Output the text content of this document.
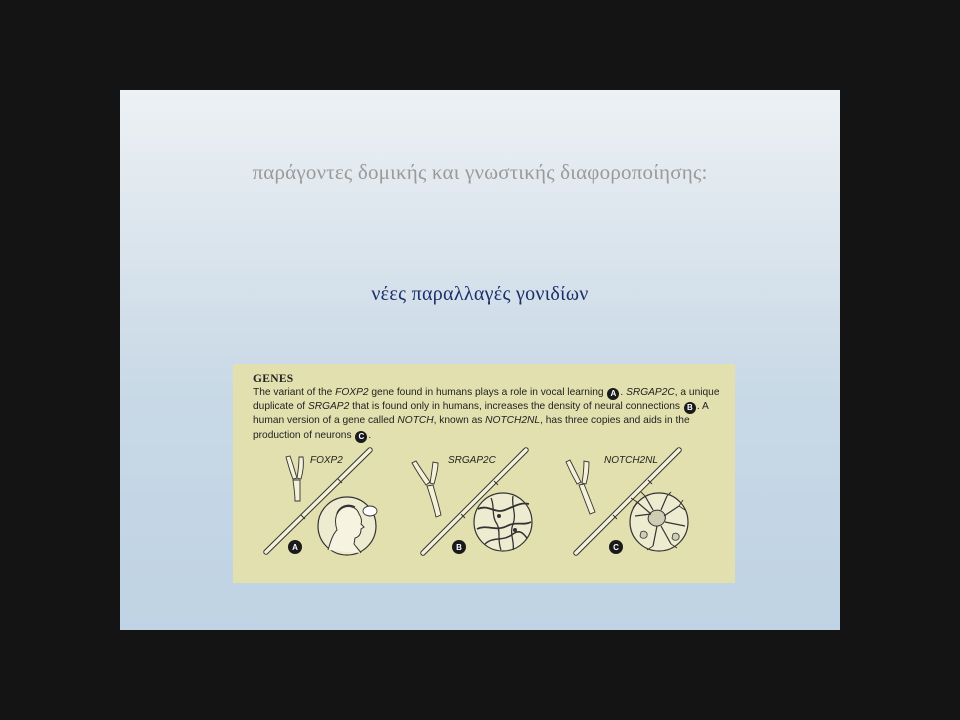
παράγοντες δομικής και γνωστικής διαφοροποίησης:
νέες παραλλαγές γονιδίων
GENES
The variant of the FOXP2 gene found in humans plays a role in vocal learning A . SRGAP2C, a unique duplicate of SRGAP2 that is found only in humans, increases the density of neural connections B . A human version of a gene called NOTCH, known as NOTCH2NL, has three copies and aids in the production of neurons C .
FOXP2	SRGAP2C	NOTCH2NL
A	B	C
